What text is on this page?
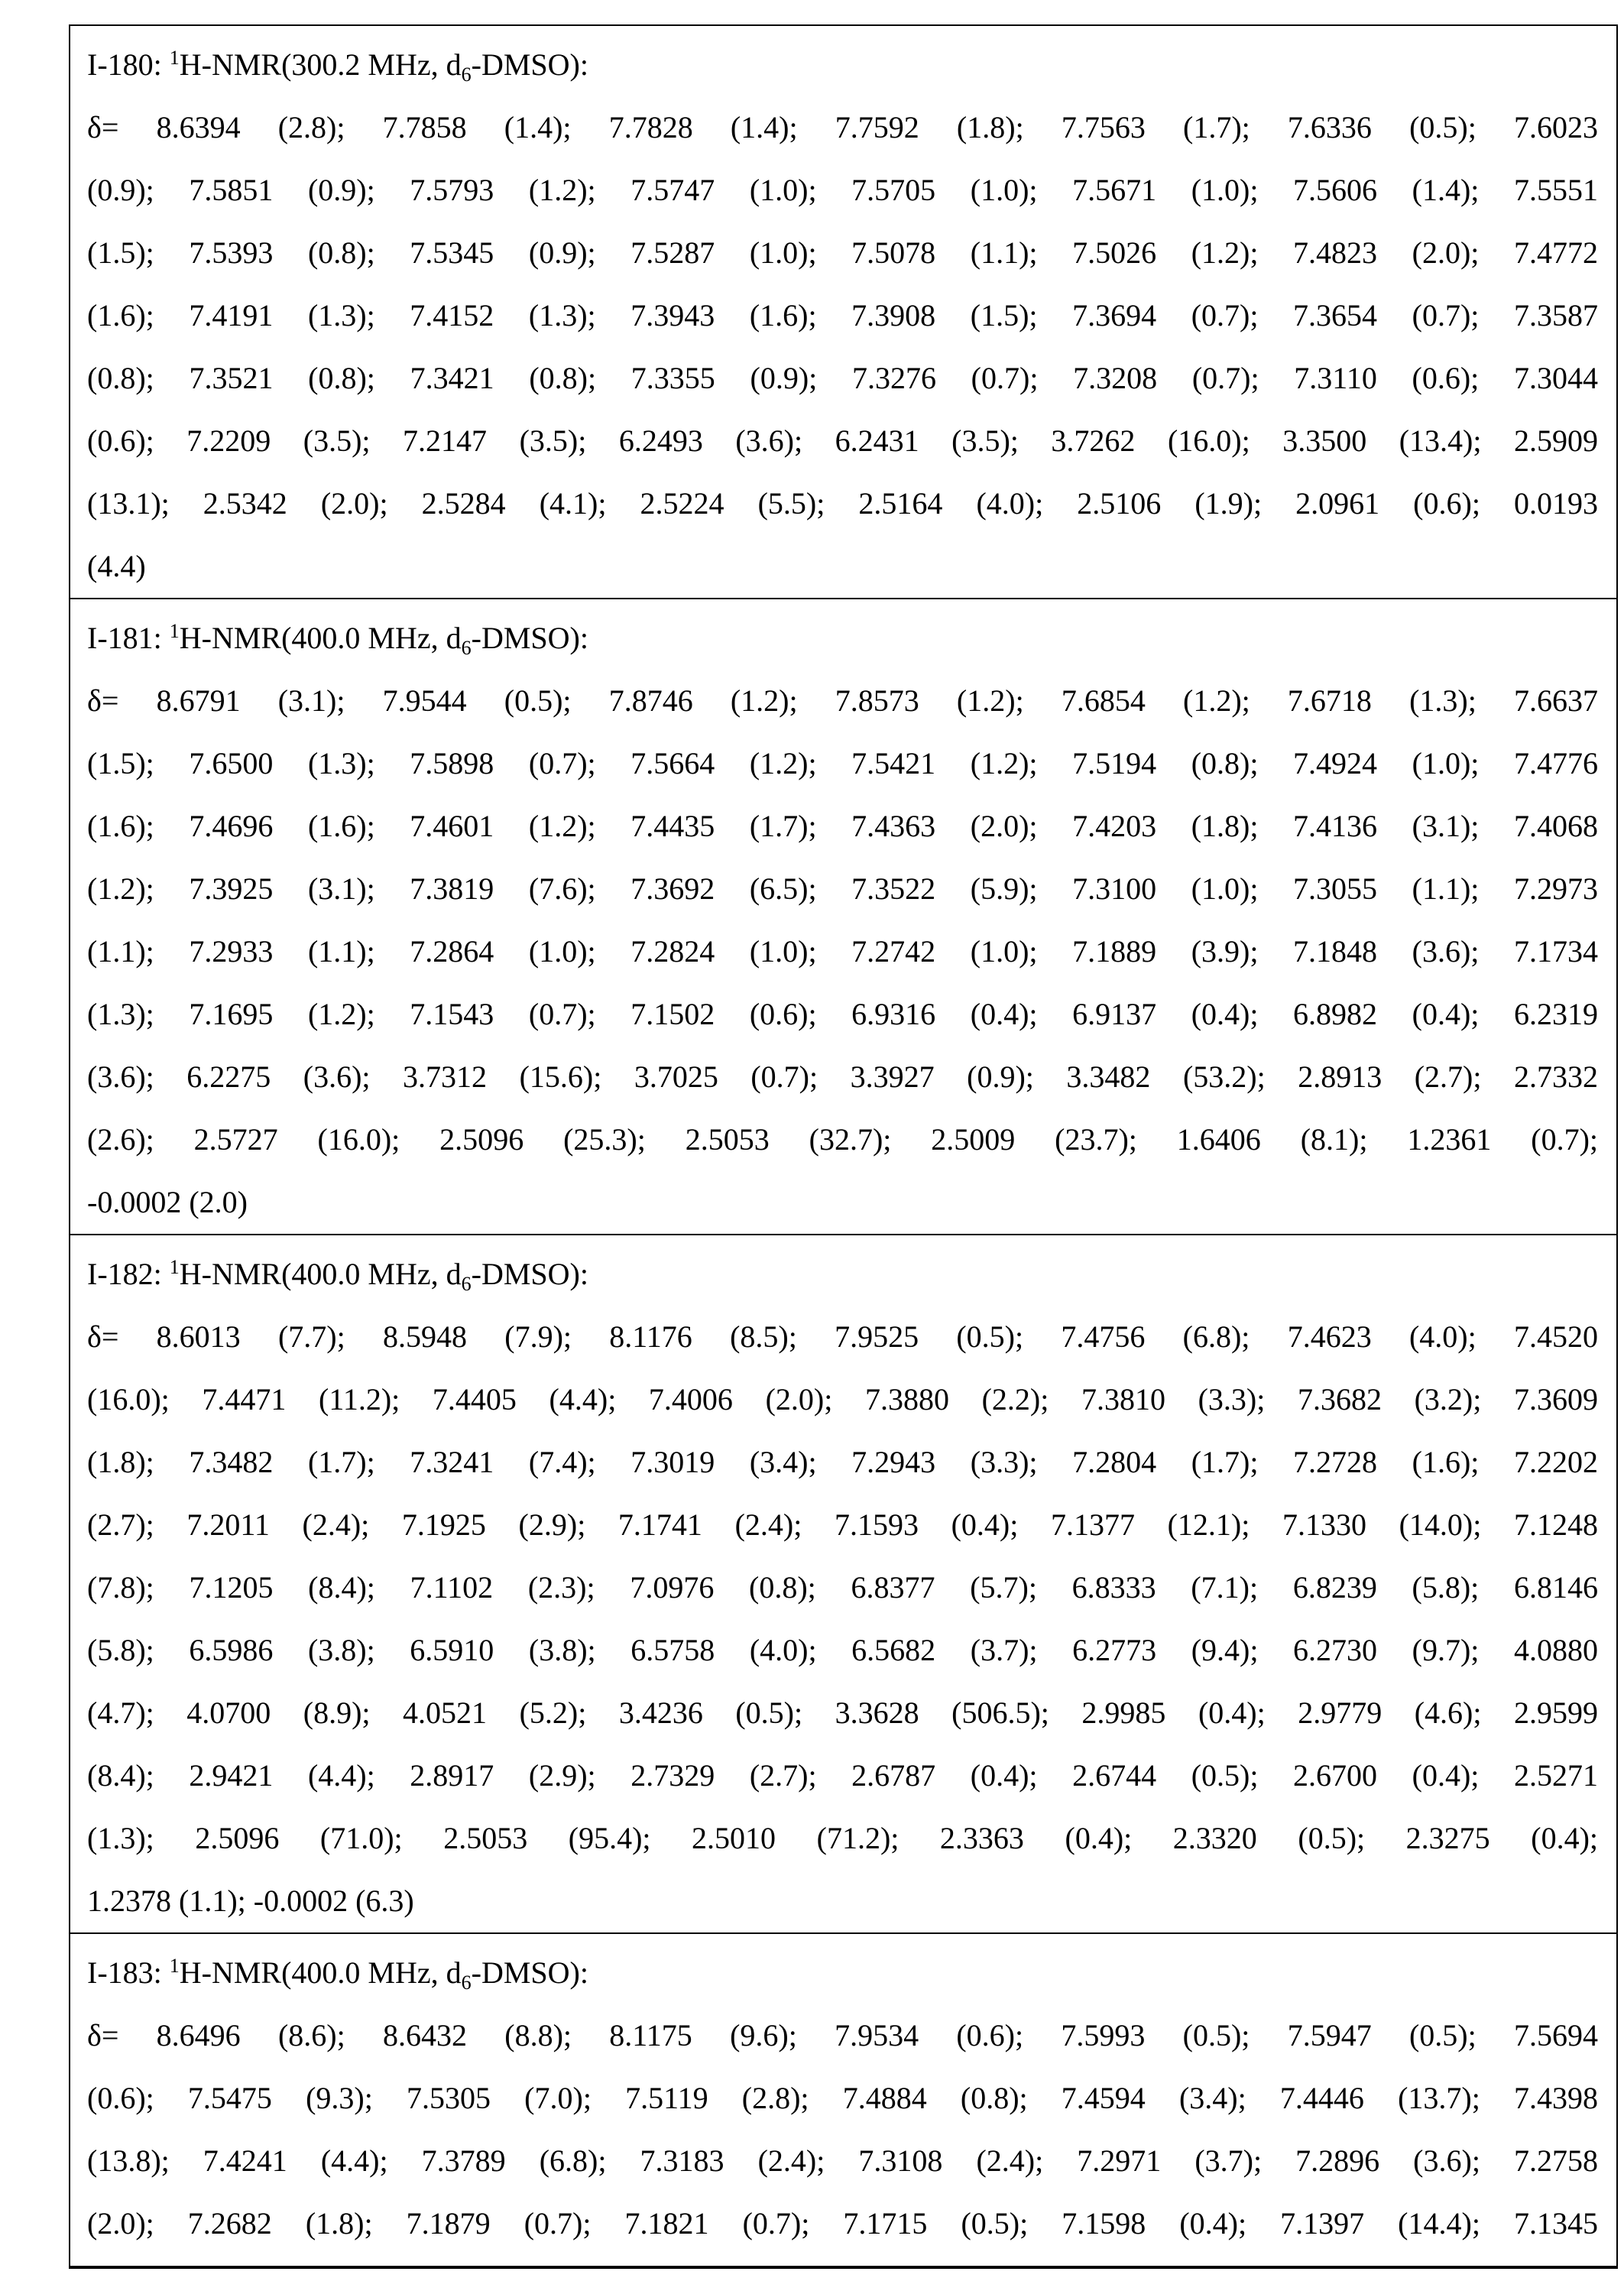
I-180: 1H-NMR(300.2 MHz, d6-DMSO):
δ= 8.6394 (2.8); 7.7858 (1.4); 7.7828 (1.4); 7.7592 (1.8); 7.7563 (1.7); 7.6336 (0.5); 7.6023
(0.9); 7.5851 (0.9); 7.5793 (1.2); 7.5747 (1.0); 7.5705 (1.0); 7.5671 (1.0); 7.5606 (1.4); 7.5551
(1.5); 7.5393 (0.8); 7.5345 (0.9); 7.5287 (1.0); 7.5078 (1.1); 7.5026 (1.2); 7.4823 (2.0); 7.4772
(1.6); 7.4191 (1.3); 7.4152 (1.3); 7.3943 (1.6); 7.3908 (1.5); 7.3694 (0.7); 7.3654 (0.7); 7.3587
(0.8); 7.3521 (0.8); 7.3421 (0.8); 7.3355 (0.9); 7.3276 (0.7); 7.3208 (0.7); 7.3110 (0.6); 7.3044
(0.6); 7.2209 (3.5); 7.2147 (3.5); 6.2493 (3.6); 6.2431 (3.5); 3.7262 (16.0); 3.3500 (13.4); 2.5909
(13.1); 2.5342 (2.0); 2.5284 (4.1); 2.5224 (5.5); 2.5164 (4.0); 2.5106 (1.9); 2.0961 (0.6); 0.0193
(4.4)
I-181: 1H-NMR(400.0 MHz, d6-DMSO):
δ= 8.6791 (3.1); 7.9544 (0.5); 7.8746 (1.2); 7.8573 (1.2); 7.6854 (1.2); 7.6718 (1.3); 7.6637
(1.5); 7.6500 (1.3); 7.5898 (0.7); 7.5664 (1.2); 7.5421 (1.2); 7.5194 (0.8); 7.4924 (1.0); 7.4776
(1.6); 7.4696 (1.6); 7.4601 (1.2); 7.4435 (1.7); 7.4363 (2.0); 7.4203 (1.8); 7.4136 (3.1); 7.4068
(1.2); 7.3925 (3.1); 7.3819 (7.6); 7.3692 (6.5); 7.3522 (5.9); 7.3100 (1.0); 7.3055 (1.1); 7.2973
(1.1); 7.2933 (1.1); 7.2864 (1.0); 7.2824 (1.0); 7.2742 (1.0); 7.1889 (3.9); 7.1848 (3.6); 7.1734
(1.3); 7.1695 (1.2); 7.1543 (0.7); 7.1502 (0.6); 6.9316 (0.4); 6.9137 (0.4); 6.8982 (0.4); 6.2319
(3.6); 6.2275 (3.6); 3.7312 (15.6); 3.7025 (0.7); 3.3927 (0.9); 3.3482 (53.2); 2.8913 (2.7); 2.7332
(2.6); 2.5727 (16.0); 2.5096 (25.3); 2.5053 (32.7); 2.5009 (23.7); 1.6406 (8.1); 1.2361 (0.7);
-0.0002 (2.0)
I-182: 1H-NMR(400.0 MHz, d6-DMSO):
δ= 8.6013 (7.7); 8.5948 (7.9); 8.1176 (8.5); 7.9525 (0.5); 7.4756 (6.8); 7.4623 (4.0); 7.4520
(16.0); 7.4471 (11.2); 7.4405 (4.4); 7.4006 (2.0); 7.3880 (2.2); 7.3810 (3.3); 7.3682 (3.2); 7.3609
(1.8); 7.3482 (1.7); 7.3241 (7.4); 7.3019 (3.4); 7.2943 (3.3); 7.2804 (1.7); 7.2728 (1.6); 7.2202
(2.7); 7.2011 (2.4); 7.1925 (2.9); 7.1741 (2.4); 7.1593 (0.4); 7.1377 (12.1); 7.1330 (14.0); 7.1248
(7.8); 7.1205 (8.4); 7.1102 (2.3); 7.0976 (0.8); 6.8377 (5.7); 6.8333 (7.1); 6.8239 (5.8); 6.8146
(5.8); 6.5986 (3.8); 6.5910 (3.8); 6.5758 (4.0); 6.5682 (3.7); 6.2773 (9.4); 6.2730 (9.7); 4.0880
(4.7); 4.0700 (8.9); 4.0521 (5.2); 3.4236 (0.5); 3.3628 (506.5); 2.9985 (0.4); 2.9779 (4.6); 2.9599
(8.4); 2.9421 (4.4); 2.8917 (2.9); 2.7329 (2.7); 2.6787 (0.4); 2.6744 (0.5); 2.6700 (0.4); 2.5271
(1.3); 2.5096 (71.0); 2.5053 (95.4); 2.5010 (71.2); 2.3363 (0.4); 2.3320 (0.5); 2.3275 (0.4);
1.2378 (1.1); -0.0002 (6.3)
I-183: 1H-NMR(400.0 MHz, d6-DMSO):
δ= 8.6496 (8.6); 8.6432 (8.8); 8.1175 (9.6); 7.9534 (0.6); 7.5993 (0.5); 7.5947 (0.5); 7.5694
(0.6); 7.5475 (9.3); 7.5305 (7.0); 7.5119 (2.8); 7.4884 (0.8); 7.4594 (3.4); 7.4446 (13.7); 7.4398
(13.8); 7.4241 (4.4); 7.3789 (6.8); 7.3183 (2.4); 7.3108 (2.4); 7.2971 (3.7); 7.2896 (3.6); 7.2758
(2.0); 7.2682 (1.8); 7.1879 (0.7); 7.1821 (0.7); 7.1715 (0.5); 7.1598 (0.4); 7.1397 (14.4); 7.1345
